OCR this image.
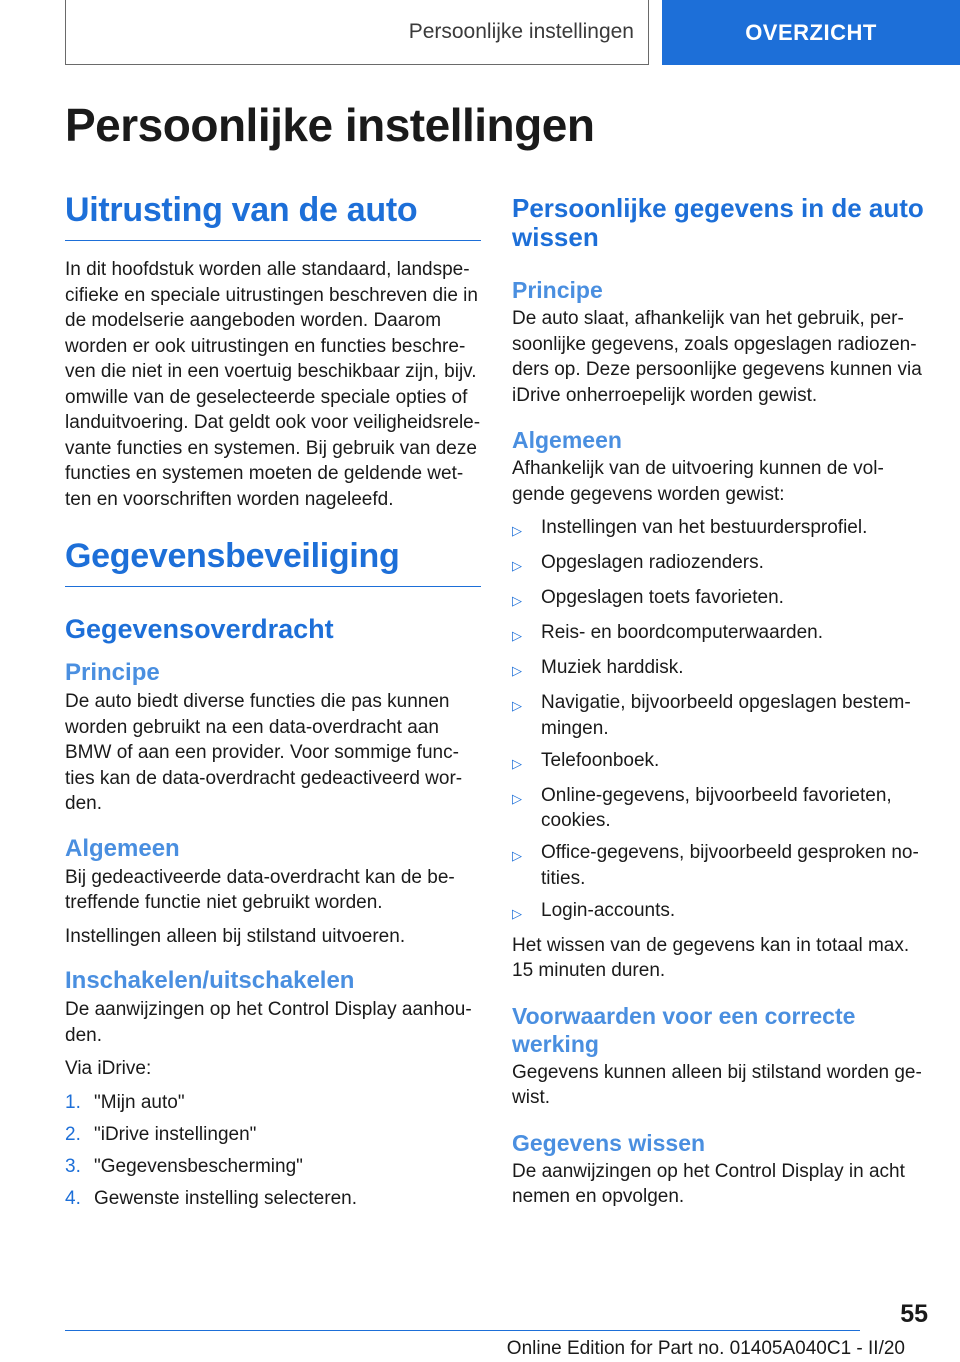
Persoonlijke instellingen	OVERZICHT
Persoonlijke instellingen
Uitrusting van de auto

In dit hoofdstuk worden alle standaard, landspecifieke en speciale uitrustingen beschreven die in de modelserie aangeboden worden. Daarom worden er ook uitrustingen en functies beschreven die niet in een voertuig beschikbaar zijn, bijv. omwille van de geselecteerde speciale opties of landuitvoering. Dat geldt ook voor veiligheidsrelevante functies en systemen. Bij gebruik van deze functies en systemen moeten de geldende wetten en voorschriften worden nageleefd.

Gegevensbeveiliging
Gegevensoverdracht
Principe

De auto biedt diverse functies die pas kunnen worden gebruikt na een data-overdracht aan BMW of aan een provider. Voor sommige functies kan de data-overdracht gedeactiveerd worden.

Algemeen

Bij gedeactiveerde data-overdracht kan de betreffende functie niet gebruikt worden.

Instellingen alleen bij stilstand uitvoeren.

Inschakelen/uitschakelen

De aanwijzingen op het Control Display aanhouden.

Via iDrive:

1. "Mijn auto"
2. "iDrive instellingen"
3. "Gegevensbescherming"
4. Gewenste instelling selecteren.
Persoonlijke gegevens in de auto wissen
Principe

De auto slaat, afhankelijk van het gebruik, persoonlijke gegevens, zoals opgeslagen radiozenders op. Deze persoonlijke gegevens kunnen via iDrive onherroepelijk worden gewist.

Algemeen

Afhankelijk van de uitvoering kunnen de volgende gegevens worden gewist:

▷	Instellingen van het bestuurdersprofiel.
▷	Opgeslagen radiozenders.
▷	Opgeslagen toets favorieten.
▷	Reis- en boordcomputerwaarden.
▷	Muziek harddisk.
▷	Navigatie, bijvoorbeeld opgeslagen bestemmingen.
▷	Telefoonboek.
▷	Online-gegevens, bijvoorbeeld favorieten, cookies.
▷	Office-gegevens, bijvoorbeeld gesproken notities.
▷	Login-accounts.

Het wissen van de gegevens kan in totaal max. 15 minuten duren.

Voorwaarden voor een correcte werking

Gegevens kunnen alleen bij stilstand worden gewist.

Gegevens wissen

De aanwijzingen op het Control Display in acht nemen en opvolgen.

55
Online Edition for Part no. 01405A040C1 - II/20
